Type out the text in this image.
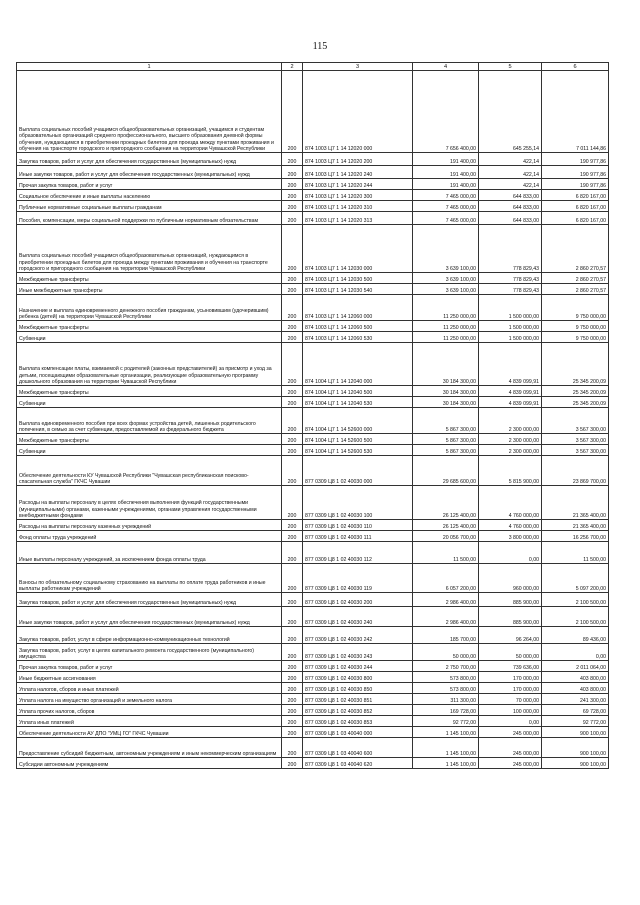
115
1	2	3	4	5	6
Выплата социальных пособий учащимся общеобразовательных организаций, учащимся и студентам образовательных организаций среднего профессионального, высшего образования дневной формы обучения, нуждающимся в приобретении проездных билетов для проезда между пунктами проживания и обучения на транспорте городского и пригородного сообщения на территории Чувашской Республики	200	874 1003 Ц7 1 14 12020 000	7 656 400,00	645 255,14	7 011 144,86
Закупка товаров, работ и услуг для обеспечения государственных (муниципальных) нужд	200	874 1003 Ц7 1 14 12020 200	191 400,00	422,14	190 977,86
Иные закупки товаров, работ и услуг для обеспечения государственных (муниципальных) нужд	200	874 1003 Ц7 1 14 12020 240	191 400,00	422,14	190 977,86
Прочая закупка товаров, работ и услуг	200	874 1003 Ц7 1 14 12020 244	191 400,00	422,14	190 977,86
Социальное обеспечение и иные выплаты населению	200	874 1003 Ц7 1 14 12020 300	7 465 000,00	644 833,00	6 820 167,00
Публичные нормативные социальные выплаты гражданам	200	874 1003 Ц7 1 14 12020 310	7 465 000,00	644 833,00	6 820 167,00
Пособия, компенсации, меры социальной поддержки по публичным нормативным обязательствам	200	874 1003 Ц7 1 14 12020 313	7 465 000,00	644 833,00	6 820 167,00
Выплата социальных пособий учащимся общеобразовательных организаций, нуждающимся в приобретении проездных билетов для проезда между пунктами проживания и обучения на транспорте городского и пригородного сообщения на территории Чувашской Республики	200	874 1003 Ц7 1 14 12030 000	3 639 100,00	778 829,43	2 860 270,57
Межбюджетные трансферты	200	874 1003 Ц7 1 14 12030 500	3 639 100,00	778 829,43	2 860 270,57
Иные межбюджетные трансферты	200	874 1003 Ц7 1 14 12030 540	3 639 100,00	778 829,43	2 860 270,57
Назначение и выплата единовременного денежного пособия гражданам, усыновившим (удочерившим) ребенка (детей) на территории Чувашской Республики	200	874 1003 Ц7 1 14 12060 000	11 250 000,00	1 500 000,00	9 750 000,00
Межбюджетные трансферты	200	874 1003 Ц7 1 14 12060 500	11 250 000,00	1 500 000,00	9 750 000,00
Субвенции	200	874 1003 Ц7 1 14 12060 530	11 250 000,00	1 500 000,00	9 750 000,00
Выплата компенсации платы, взимаемой с родителей (законных представителей) за присмотр и уход за детьми, посещающими образовательные организации, реализующие образовательную программу дошкольного образования на территории Чувашской Республики	200	874 1004 Ц7 1 14 12040 000	30 184 300,00	4 839 099,91	25 345 200,09
Межбюджетные трансферты	200	874 1004 Ц7 1 14 12040 500	30 184 300,00	4 839 099,91	25 345 200,09
Субвенции	200	874 1004 Ц7 1 14 12040 530	30 184 300,00	4 839 099,91	25 345 200,09
Выплата единовременного пособия при всех формах устройства детей, лишенных родительского попечения, в семью за счет субвенции, предоставляемой из федерального бюджета	200	874 1004 Ц7 1 14 52600 000	5 867 300,00	2 300 000,00	3 567 300,00
Межбюджетные трансферты	200	874 1004 Ц7 1 14 52600 500	5 867 300,00	2 300 000,00	3 567 300,00
Субвенции	200	874 1004 Ц7 1 14 52600 530	5 867 300,00	2 300 000,00	3 567 300,00
Обеспечение деятельности КУ Чувашской Республики "Чувашская республиканская поисково-спасательная служба" ГКЧС Чувашии	200	877 0309 Ц8 1 02 40030 000	29 685 600,00	5 815 900,00	23 869 700,00
Расходы на выплаты персоналу в целях обеспечения выполнения функций государственными (муниципальными) органами, казенными учреждениями, органами управления государственными внебюджетными фондами	200	877 0309 Ц8 1 02 40030 100	26 125 400,00	4 760 000,00	21 365 400,00
Расходы на выплаты персоналу казенных учреждений	200	877 0309 Ц8 1 02 40030 110	26 125 400,00	4 760 000,00	21 365 400,00
Фонд оплаты труда учреждений	200	877 0309 Ц8 1 02 40030 111	20 056 700,00	3 800 000,00	16 256 700,00
Иные выплаты персоналу учреждений, за исключением фонда оплаты труда	200	877 0309 Ц8 1 02 40030 112	11 500,00	0,00	11 500,00
Взносы по обязательному социальному страхованию на выплаты по оплате труда работников и иные выплаты работникам учреждений	200	877 0309 Ц8 1 02 40030 119	6 057 200,00	960 000,00	5 097 200,00
Закупка товаров, работ и услуг для обеспечения государственных (муниципальных) нужд	200	877 0309 Ц8 1 02 40030 200	2 986 400,00	885 900,00	2 100 500,00
Иные закупки товаров, работ и услуг для обеспечения государственных (муниципальных) нужд	200	877 0309 Ц8 1 02 40030 240	2 986 400,00	885 900,00	2 100 500,00
Закупка товаров, работ, услуг в сфере информационно-коммуникационных технологий	200	877 0309 Ц8 1 02 40030 242	185 700,00	96 264,00	89 436,00
Закупка товаров, работ, услуг в целях капитального ремонта государственного (муниципального) имущества	200	877 0309 Ц8 1 02 40030 243	50 000,00	50 000,00	0,00
Прочая закупка товаров, работ и услуг	200	877 0309 Ц8 1 02 40030 244	2 750 700,00	739 636,00	2 011 064,00
Иные бюджетные ассигнования	200	877 0309 Ц8 1 02 40030 800	573 800,00	170 000,00	403 800,00
Уплата налогов, сборов и иных платежей	200	877 0309 Ц8 1 02 40030 850	573 800,00	170 000,00	403 800,00
Уплата налога на имущество организаций и земельного налога	200	877 0309 Ц8 1 02 40030 851	311 300,00	70 000,00	241 300,00
Уплата прочих налогов, сборов	200	877 0309 Ц8 1 02 40030 852	169 728,00	100 000,00	69 728,00
Уплата иных платежей	200	877 0309 Ц8 1 02 40030 853	92 772,00	0,00	92 772,00
Обеспечение деятельности АУ ДПО "УМЦ ГО" ГКЧС Чувашии	200	877 0309 Ц8 1 03 40040 000	1 145 100,00	245 000,00	900 100,00
Предоставление субсидий бюджетным, автономным учреждениям и иным некоммерческим организациям	200	877 0309 Ц8 1 03 40040 600	1 145 100,00	245 000,00	900 100,00
Субсидии автономным учреждениям	200	877 0309 Ц8 1 03 40040 620	1 145 100,00	245 000,00	900 100,00
